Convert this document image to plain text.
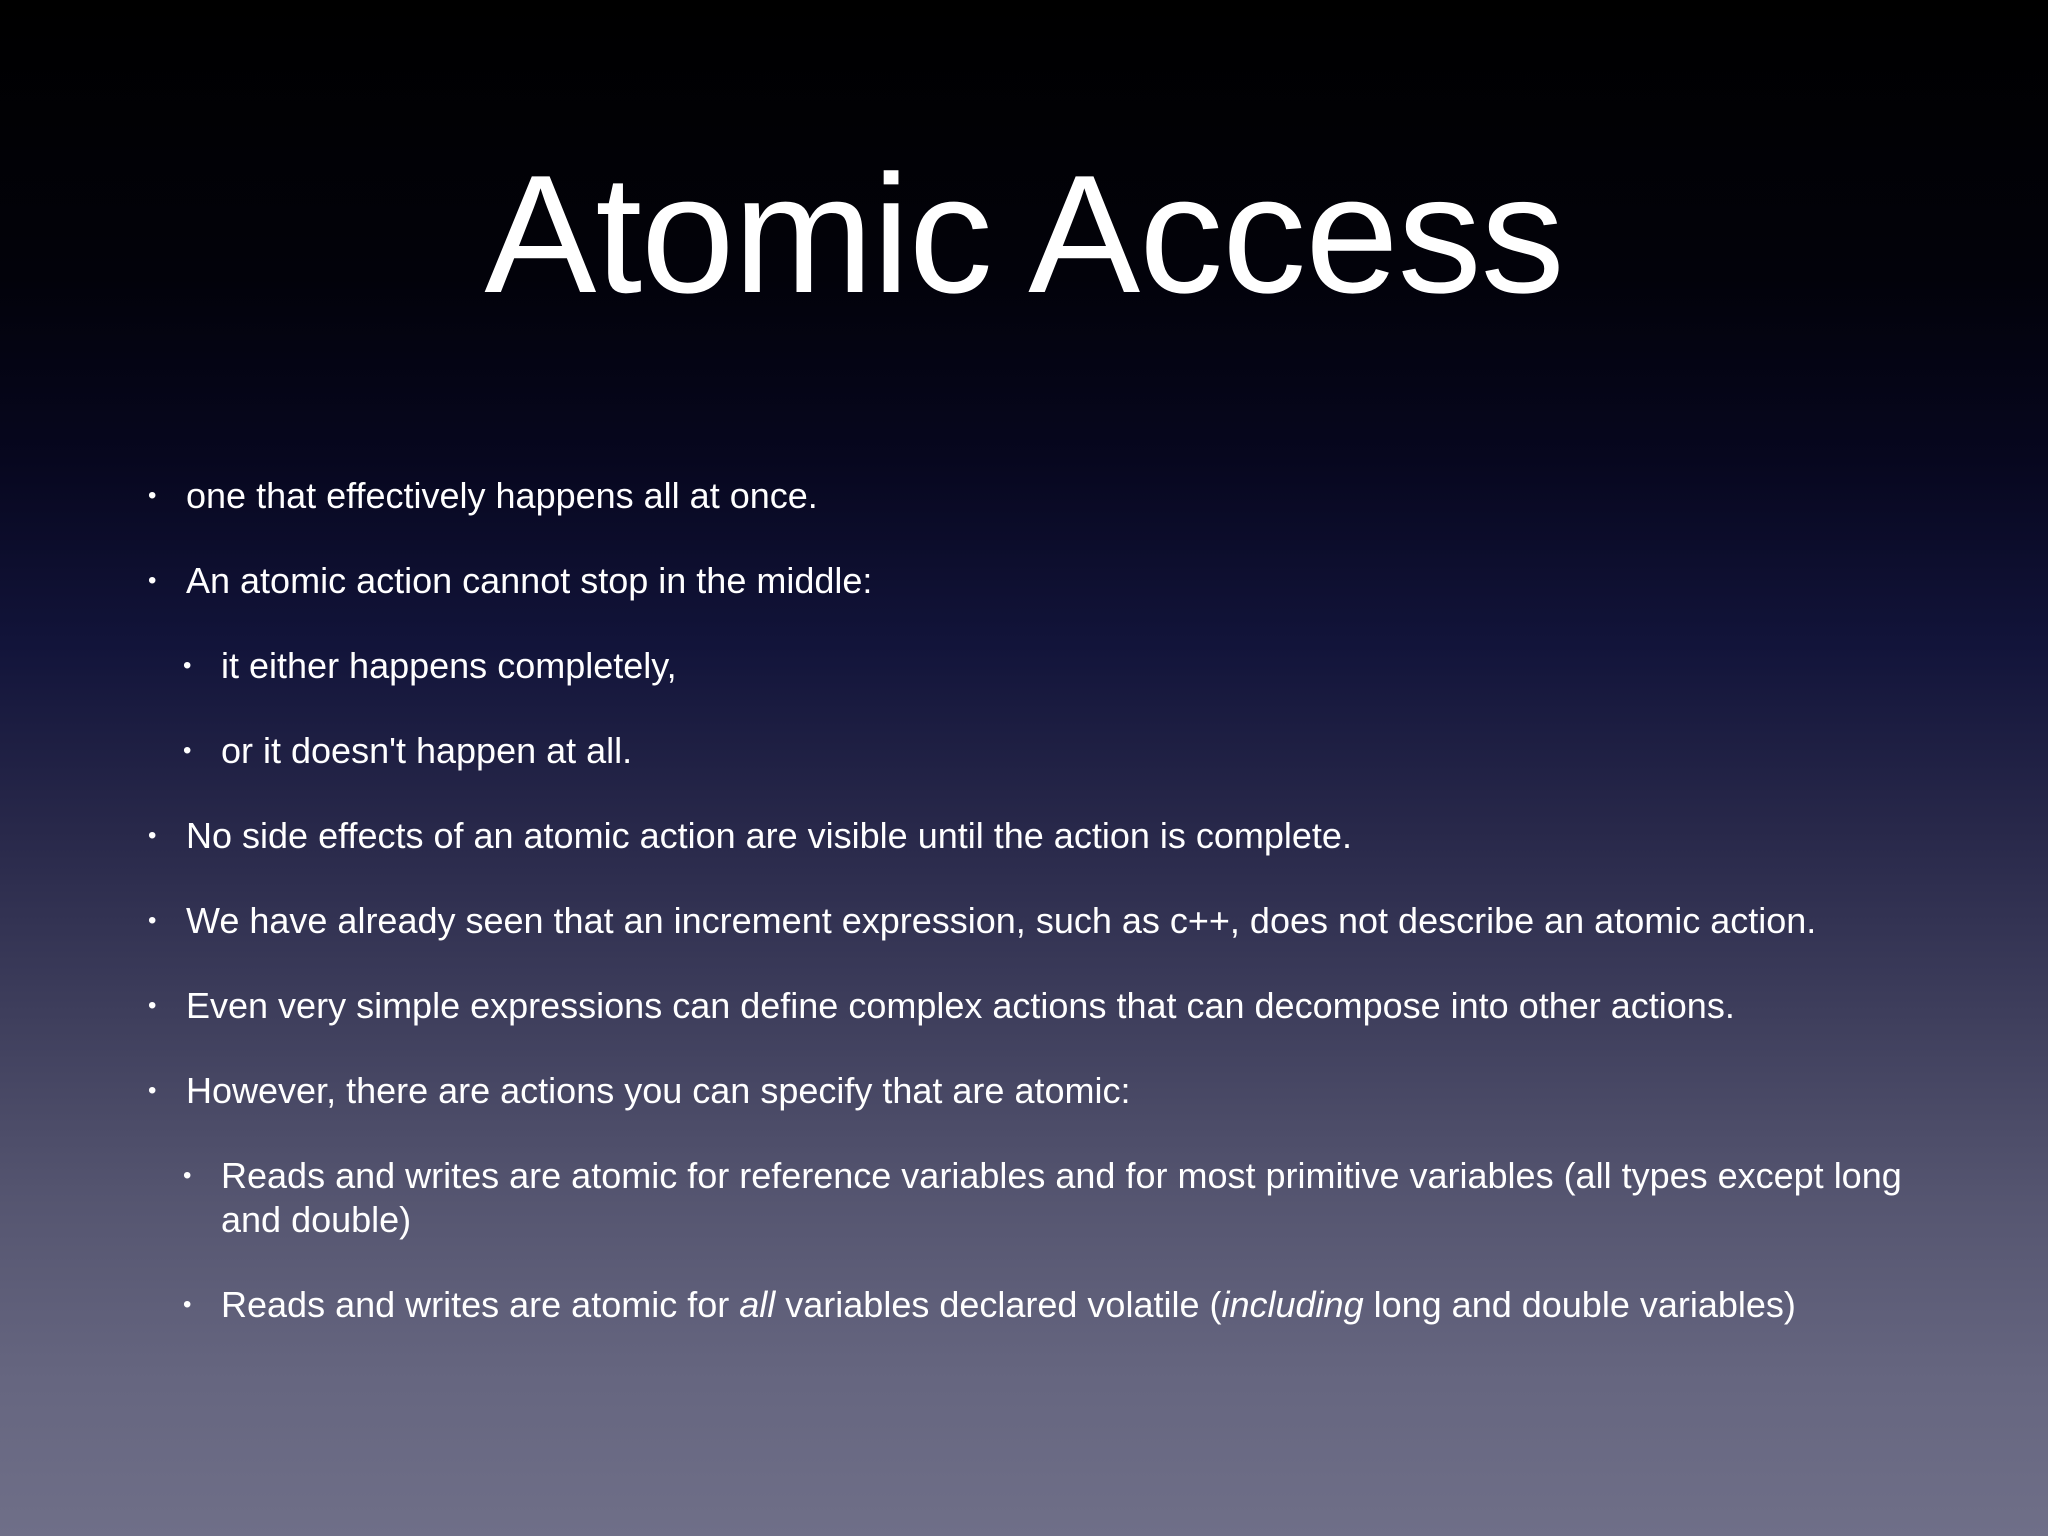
Atomic Access
• one that effectively happens all at once.
• An atomic action cannot stop in the middle:
• it either happens completely,
• or it doesn't happen at all.
• No side effects of an atomic action are visible until the action is complete.
• We have already seen that an increment expression, such as c++, does not describe an atomic action.
• Even very simple expressions can define complex actions that can decompose into other actions.
• However, there are actions you can specify that are atomic:
• Reads and writes are atomic for reference variables and for most primitive variables (all types except long and double)
• Reads and writes are atomic for all variables declared volatile (including long and double variables)
